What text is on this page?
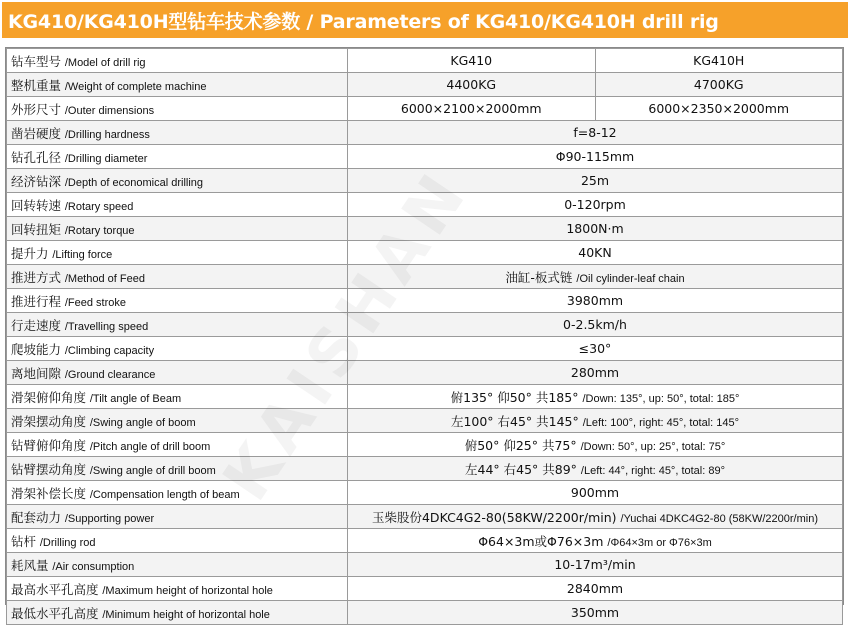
KG410/KG410H型钻车技术参数 / Parameters of KG410/KG410H drill rig
钻车型号 /Model of drill rig	KG410	KG410H
整机重量 /Weight of complete machine	4400KG	4700KG
外形尺寸 /Outer dimensions	6000×2100×2000mm	6000×2350×2000mm
凿岩硬度 /Drilling hardness	f=8-12	
钻孔孔径 /Drilling diameter	Φ90-115mm	
经济钻深 /Depth of economical drilling	25m	
回转转速 /Rotary speed	0-120rpm	
回转扭矩 /Rotary torque	1800N·m	
提升力 /Lifting force	40KN	
推进方式 /Method of Feed	油缸-板式链 /Oil cylinder-leaf chain	
推进行程 /Feed stroke	3980mm	
行走速度 /Travelling speed	0-2.5km/h	
爬坡能力 /Climbing capacity	≤30°	
离地间隙 /Ground clearance	280mm	
滑架俯仰角度 /Tilt angle of Beam	俯135° 仰50° 共185° /Down: 135°, up: 50°, total: 185°	
滑架摆动角度 /Swing angle of boom	左100° 右45° 共145° /Left: 100°, right: 45°, total: 145°	
钻臂俯仰角度 /Pitch angle of drill boom	俯50° 仰25° 共75° /Down: 50°, up: 25°, total: 75°	
钻臂摆动角度 /Swing angle of drill boom	左44° 右45° 共89° /Left: 44°, right: 45°, total: 89°	
滑架补偿长度 /Compensation length of beam	900mm	
配套动力 /Supporting power	玉柴股份4DKC4G2-80(58KW/2200r/min) /Yuchai 4DKC4G2-80 (58KW/2200r/min)	
钻杆 /Drilling rod	Φ64×3m或Φ76×3m /Φ64×3m or Φ76×3m	
耗风量 /Air consumption	10-17m³/min	
最高水平孔高度 /Maximum height of horizontal hole	2840mm	
最低水平孔高度 /Minimum height of horizontal hole	350mm	
